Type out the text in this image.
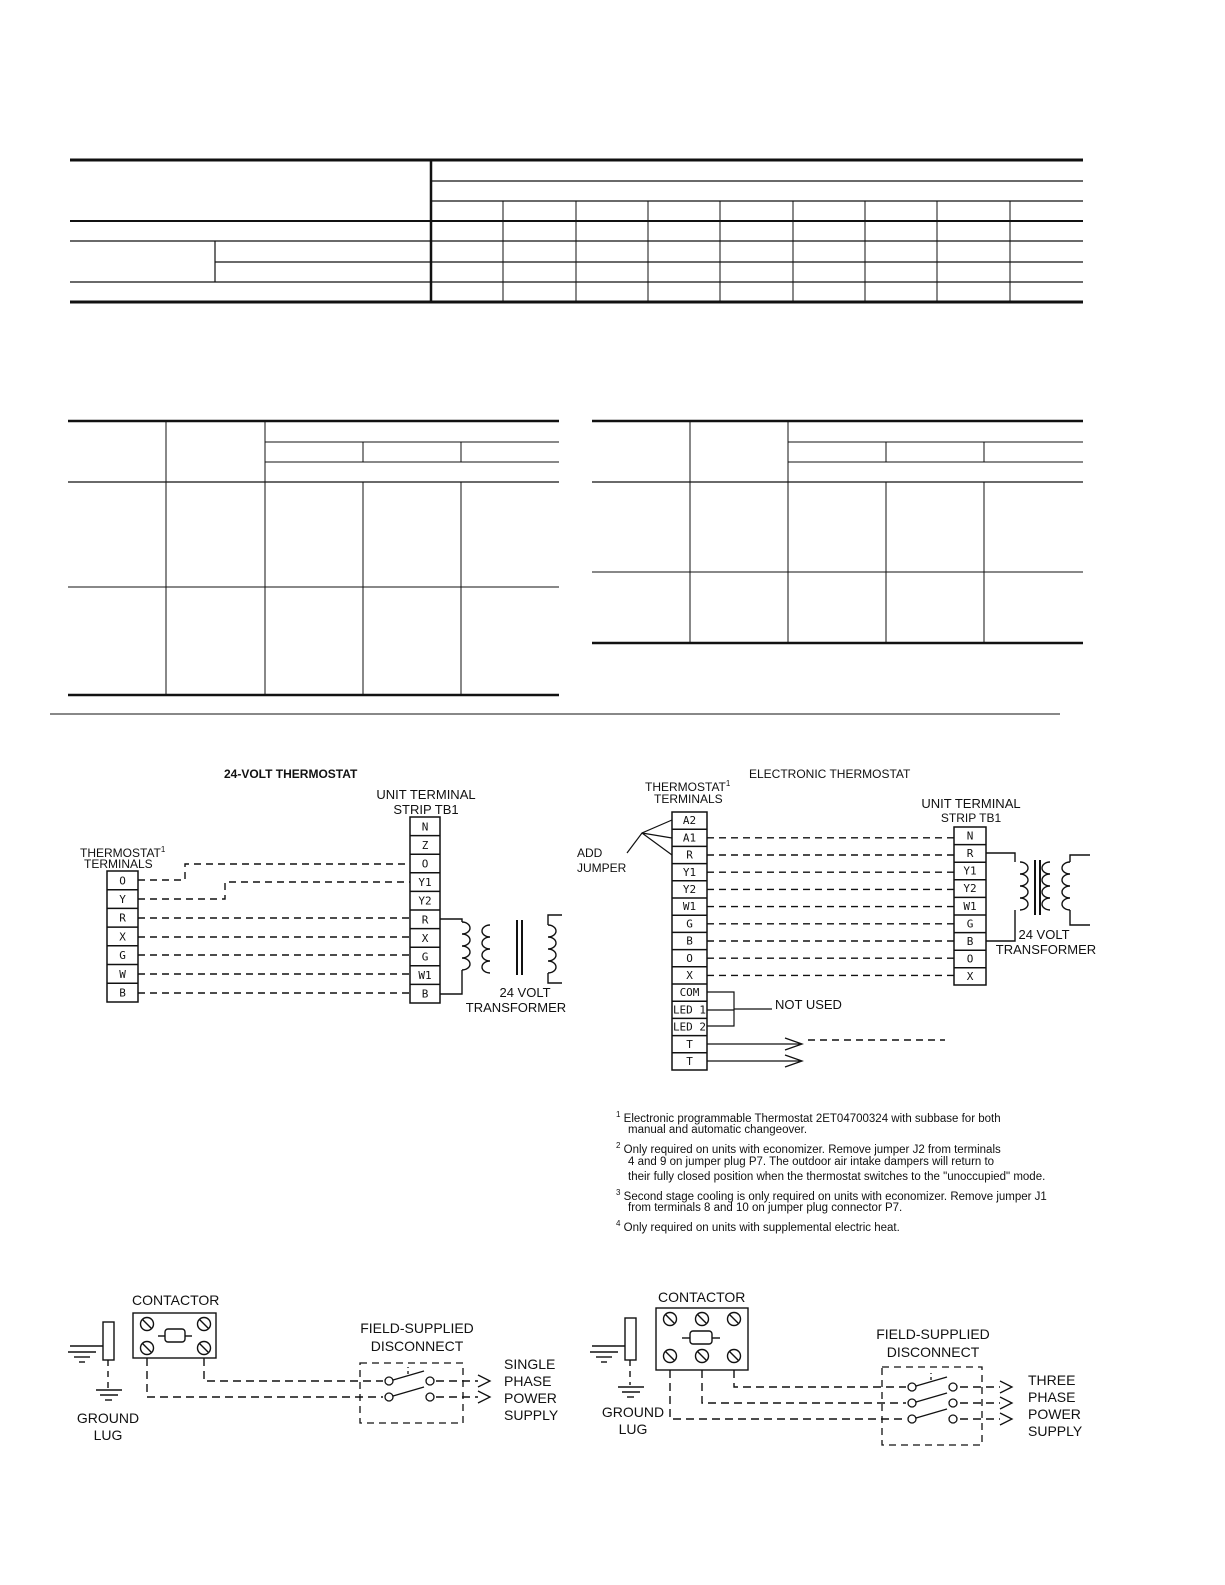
O
Y
R
X
G
W
B
N
Z
O
Y1
Y2
R
X
G
W1
B
A2
A1
R
Y1
Y2
W1
G
B
O
X
COM
LED 1
LED 2
T
T
N
R
Y1
Y2
W1
G
B
O
X
24-VOLT THERMOSTAT
UNIT TERMINAL
STRIP TB1
THERMOSTAT$^1$
TERMINALS
24 VOLT
TRANSFORMER
ELECTRONIC THERMOSTAT
THERMOSTAT$^1$
TERMINALS
ADD
JUMPER
UNIT TERMINAL
STRIP TB1
24 VOLT
TRANSFORMER
NOT USED
$^1$ Electronic programmable Thermostat 2ET04700324 with subbase for both
manual and automatic changeover.
$^2$ Only required on units with economizer. Remove jumper J2 from terminals
4 and 9 on jumper plug P7. The outdoor air intake dampers will return to
their fully closed position when the thermostat switches to the "unoccupied" mode.
$^3$ Second stage cooling is only required on units with economizer. Remove jumper J1
from terminals 8 and 10 on jumper plug connector P7.
$^4$ Only required on units with supplemental electric heat.
CONTACTOR
FIELD-SUPPLIED
DISCONNECT
SINGLE
PHASE
POWER
SUPPLY
GROUND
LUG
CONTACTOR
FIELD-SUPPLIED
DISCONNECT
THREE
PHASE
POWER
SUPPLY
GROUND
LUG
